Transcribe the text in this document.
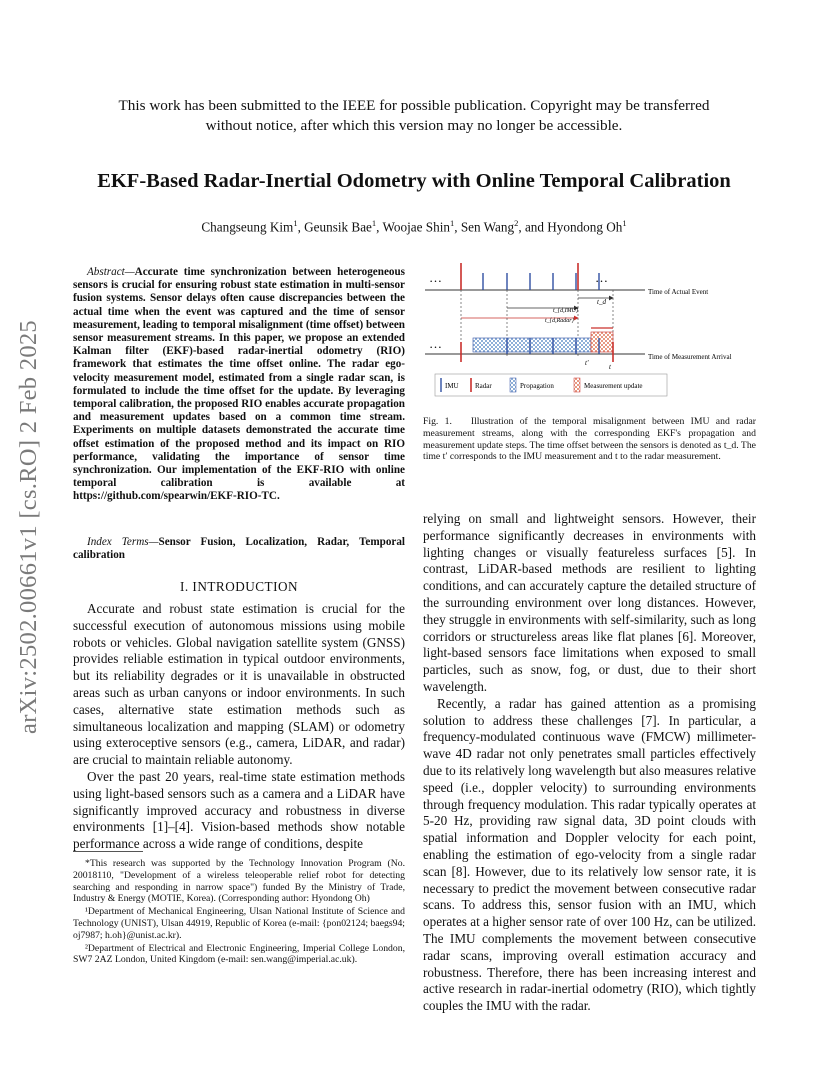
This work has been submitted to the IEEE for possible publication. Copyright may be transferred
without notice, after which this version may no longer be accessible.
EKF-Based Radar-Inertial Odometry with Online Temporal Calibration
Changseung Kim$^1$, Geunsik Bae$^1$, Woojae Shin$^1$, Sen Wang$^2$, and Hyondong Oh$^1$
arXiv:2502.00661v1 [cs.RO] 2 Feb 2025
Abstract—Accurate time synchronization between heterogeneous sensors is crucial for ensuring robust state estimation in multi-sensor fusion systems. Sensor delays often cause discrepancies between the actual time when the event was captured and the time of sensor measurement, leading to temporal misalignment (time offset) between sensor measurement streams. In this paper, we propose an extended Kalman filter (EKF)-based radar-inertial odometry (RIO) framework that estimates the time offset online. The radar ego-velocity measurement model, estimated from a single radar scan, is formulated to include the time offset for the update. By leveraging temporal calibration, the proposed RIO enables accurate propagation and measurement updates based on a common time stream. Experiments on multiple datasets demonstrated the accurate time offset estimation of the proposed method and its impact on RIO performance, validating the importance of sensor time synchronization. Our implementation of the EKF-RIO with online temporal calibration is available at https://github.com/spearwin/EKF-RIO-TC.
Index Terms—Sensor Fusion, Localization, Radar, Temporal calibration
I. INTRODUCTION

Accurate and robust state estimation is crucial for the successful execution of autonomous missions using mobile robots or vehicles. Global navigation satellite system (GNSS) provides reliable estimation in typical outdoor environments, but its reliability degrades or it is unavailable in obstructed areas such as urban canyons or indoor environments. In such cases, alternative state estimation methods such as simultaneous localization and mapping (SLAM) or odometry using exteroceptive sensors (e.g., camera, LiDAR, and radar) are crucial to maintain reliable autonomy.

Over the past 20 years, real-time state estimation methods using light-based sensors such as a camera and a LiDAR have significantly improved accuracy and robustness in diverse environments [1]–[4]. Vision-based methods show notable performance across a wide range of conditions, despite

*This research was supported by the Technology Innovation Program (No. 20018110, "Development of a wireless teleoperable relief robot for detecting searching and responding in narrow space") funded By the Ministry of Trade, Industry & Energy (MOTIE, Korea). (Corresponding author: Hyondong Oh)

¹Department of Mechanical Engineering, Ulsan National Institute of Science and Technology (UNIST), Ulsan 44919, Republic of Korea (e-mail: {pon02124; baegs94; oj7987; h.oh}@unist.ac.kr).

²Department of Electrical and Electronic Engineering, Imperial College London, SW7 2AZ London, United Kingdom (e-mail: sen.wang@imperial.ac.uk).

…	…
…
Time of Actual Event
t_d
t_{d,IMU}
t_{d,Radar}
t'	t
Time of Measurement Arrival
IMU Radar	Propagation	Measurement update
Fig. 1. Illustration of the temporal misalignment between IMU and radar measurement streams, along with the corresponding EKF's propagation and measurement update steps. The time offset between the sensors is denoted as t_d. The time t′ corresponds to the IMU measurement and t to the radar measurement.

relying on small and lightweight sensors. However, their performance significantly decreases in environments with lighting changes or visually featureless surfaces [5]. In contrast, LiDAR-based methods are resilient to lighting conditions, and can accurately capture the detailed structure of the surrounding environment over long distances. However, they struggle in environments with self-similarity, such as long corridors or structureless areas like flat planes [6]. Moreover, light-based sensors face limitations when exposed to small particles, such as snow, fog, or dust, due to their short wavelength.

Recently, a radar has gained attention as a promising solution to address these challenges [7]. In particular, a frequency-modulated continuous wave (FMCW) millimeter-wave 4D radar not only penetrates small particles effectively due to its relatively long wavelength but also measures relative speed (i.e., doppler velocity) to surrounding environments through frequency modulation. This radar typically operates at 5-20 Hz, providing raw signal data, 3D point clouds with spatial information and Doppler velocity for each point, enabling the estimation of ego-velocity from a single radar scan [8]. However, due to its relatively low sensor rate, it is necessary to predict the movement between consecutive radar scans. To address this, sensor fusion with an IMU, which operates at a higher sensor rate of over 100 Hz, can be utilized. The IMU complements the movement between consecutive radar scans, improving overall estimation accuracy and robustness. Therefore, there has been increasing interest and active research in radar-inertial odometry (RIO), which tightly couples the IMU with the radar.
